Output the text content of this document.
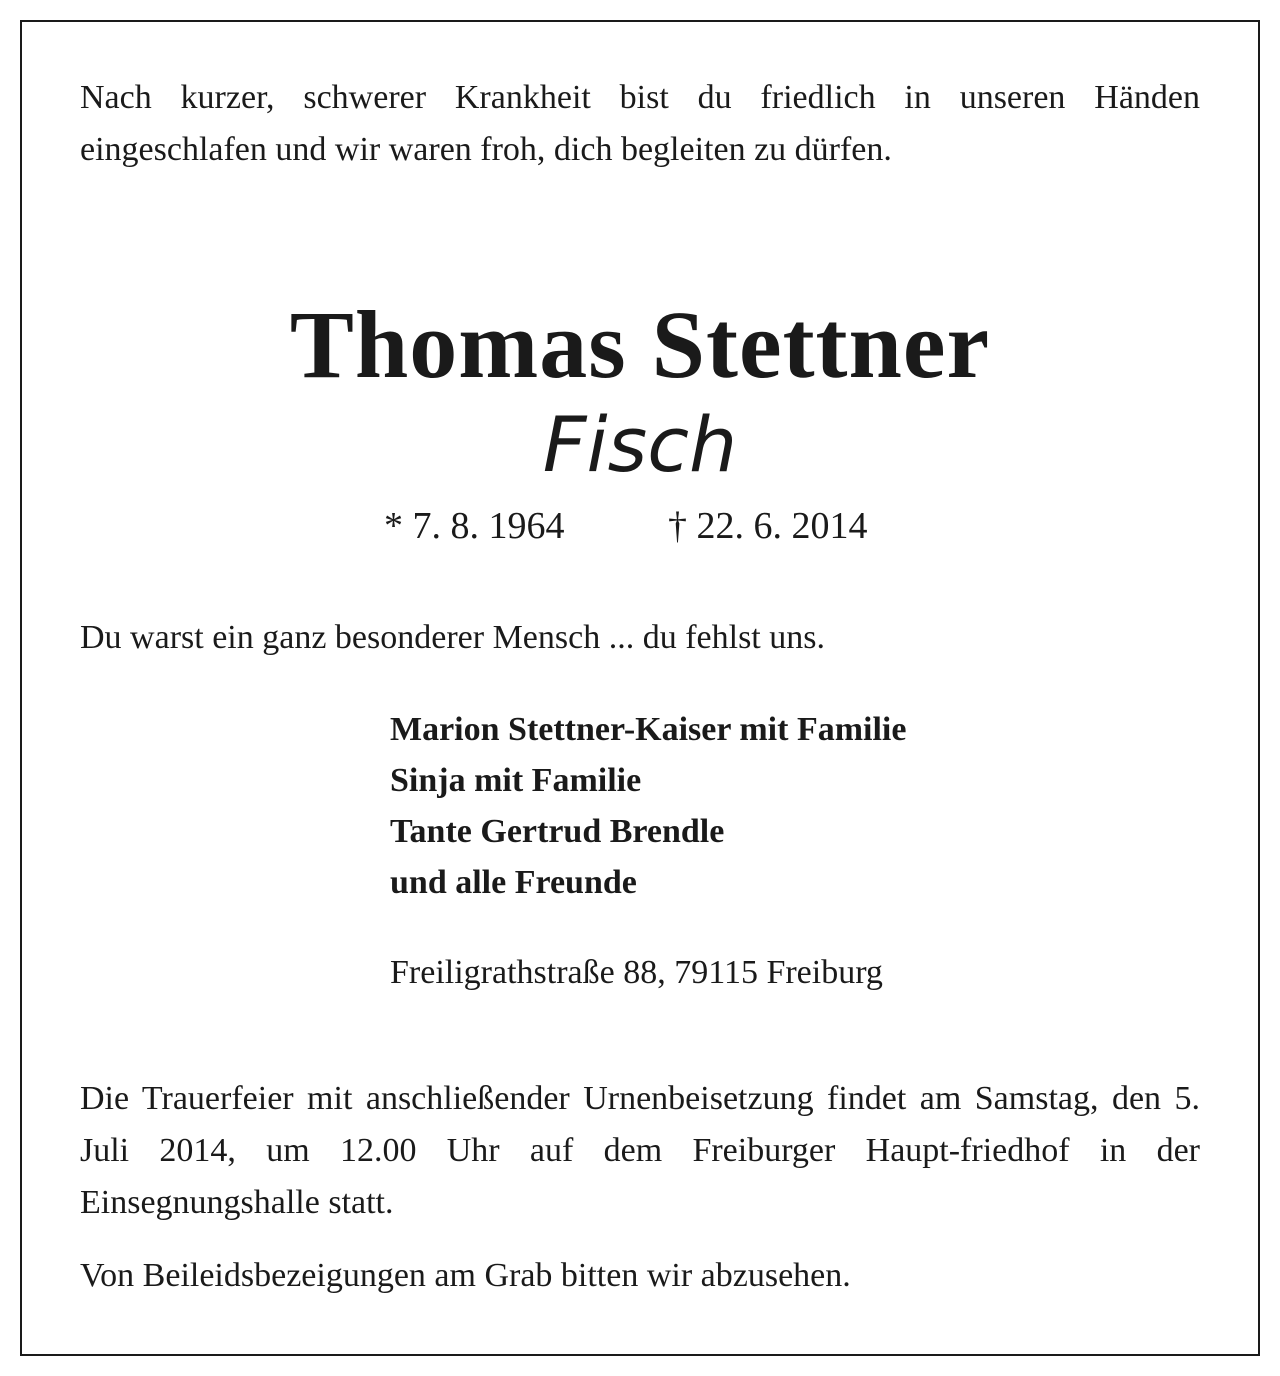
Nach kurzer, schwerer Krankheit bist du friedlich in unseren Händen eingeschlafen und wir waren froh, dich begleiten zu dürfen.

Thomas Stettner

Fisch

* 7. 8. 1964	† 22. 6. 2014

Du warst ein ganz besonderer Mensch ... du fehlst uns.

Marion Stettner-Kaiser mit Familie
Sinja mit Familie
Tante Gertrud Brendle
und alle Freunde

Freiligrathstraße 88, 79115 Freiburg

Die Trauerfeier mit anschließender Urnenbeisetzung findet am Samstag, den 5. Juli 2014, um 12.00 Uhr auf dem Freiburger Haupt-friedhof in der Einsegnungshalle statt.

Von Beileidsbezeigungen am Grab bitten wir abzusehen.
